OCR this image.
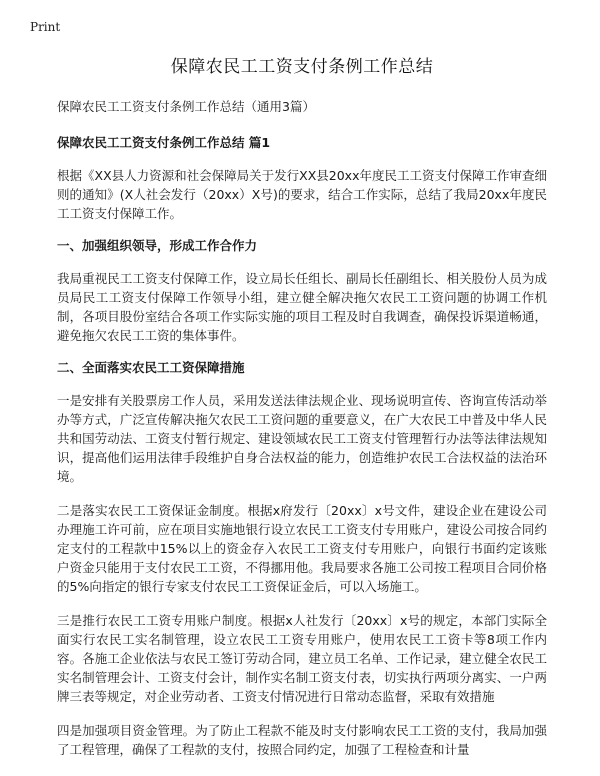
Print
保障农民工工资支付条例工作总结
保障农民工工资支付条例工作总结（通用3篇）
保障农民工工资支付条例工作总结 篇1

根据《XX县人力资源和社会保障局关于发行XX县20xx年度民工工资支付保障工作审查细则的通知》(X人社会发行（20xx）X号)的要求，结合工作实际，总结了我局20xx年度民工工资支付保障工作。

一、加强组织领导，形成工作合作力

我局重视民工工资支付保障工作，设立局长任组长、副局长任副组长、相关股份人员为成员局民工工资支付保障工作领导小组，建立健全解决拖欠农民工工资问题的协调工作机制，各项目股份室结合各项工作实际实施的项目工程及时自我调查，确保投诉渠道畅通，避免拖欠农民工工资的集体事件。

二、全面落实农民工工资保障措施

一是安排有关股票房工作人员，采用发送法律法规企业、现场说明宣传、咨询宣传活动举办等方式，广泛宣传解决拖欠农民工工资问题的重要意义，在广大农民工中普及中华人民共和国劳动法、工资支付暂行规定、建设领域农民工工资支付管理暂行办法等法律法规知识，提高他们运用法律手段维护自身合法权益的能力，创造维护农民工合法权益的法治环境。

二是落实农民工工资保证金制度。根据x府发行〔20xx〕x号文件，建设企业在建设公司办理施工许可前，应在项目实施地银行设立农民工工资支付专用账户，建设公司按合同约定支付的工程款中15%以上的资金存入农民工工资支付专用账户，向银行书面约定该账户资金只能用于支付农民工工资，不得挪用他。我局要求各施工公司按工程项目合同价格的5%向指定的银行专家支付农民工工资保证金后，可以入场施工。

三是推行农民工工资专用账户制度。根据x人社发行〔20xx〕x号的规定，本部门实际全面实行农民工实名制管理，设立农民工工资专用账户，使用农民工工资卡等8项工作内容。各施工企业依法与农民工签订劳动合同，建立员工名单、工作记录，建立健全农民工实名制管理会计、工资支付会计，制作实名制工资支付表，切实执行两项分离实、一户两牌三表等规定，对企业劳动者、工资支付情况进行日常动态监督，采取有效措施

四是加强项目资金管理。为了防止工程款不能及时支付影响农民工工资的支付，我局加强了工程管理，确保了工程款的支付，按照合同约定，加强了工程检查和计量
